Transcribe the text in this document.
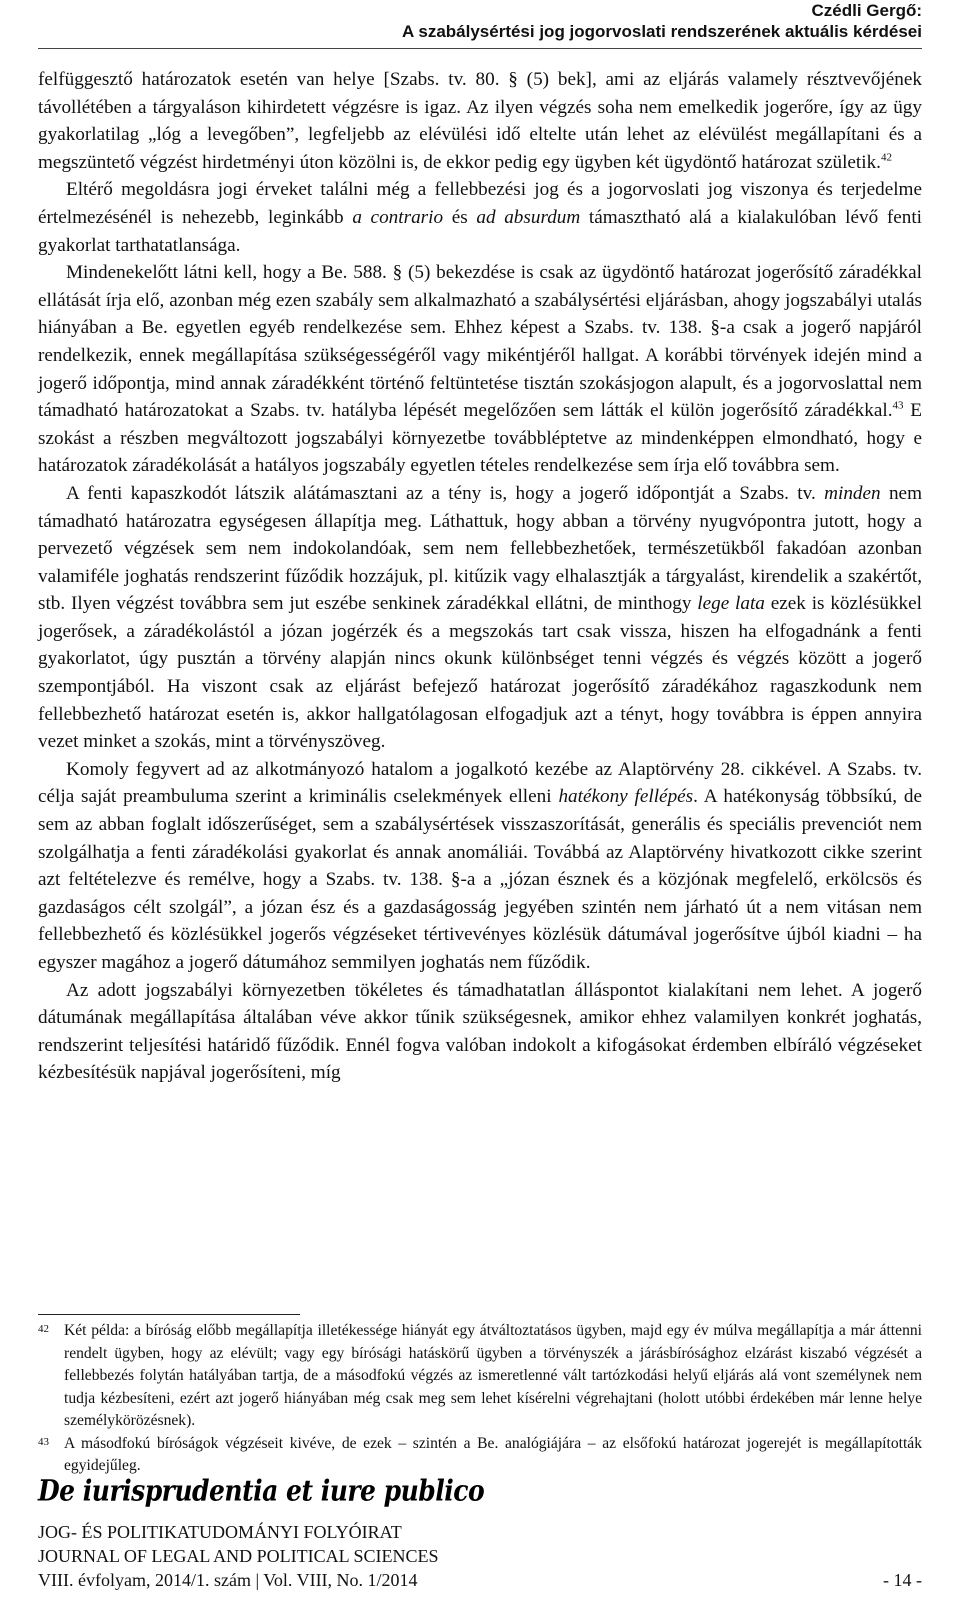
Czédli Gergő:
A szabálysértési jog jogorvoslati rendszerének aktuális kérdései

felfüggesztő határozatok esetén van helye [Szabs. tv. 80. § (5) bek], ami az eljárás valamely résztvevőjének távollétében a tárgyaláson kihirdetett végzésre is igaz. Az ilyen végzés soha nem emelkedik jogerőre, így az ügy gyakorlatilag „lóg a levegőben”, legfeljebb az elévülési idő eltelte után lehet az elévülést megállapítani és a megszüntető végzést hirdetményi úton közölni is, de ekkor pedig egy ügyben két ügydöntő határozat születik.$^{42}$

Eltérő megoldásra jogi érveket találni még a fellebbezési jog és a jogorvoslati jog viszonya és terjedelme értelmezésénél is nehezebb, leginkább a contrario és ad absurdum támasztható alá a kialakulóban lévő fenti gyakorlat tarthatatlansága.

Mindenekelőtt látni kell, hogy a Be. 588. § (5) bekezdése is csak az ügydöntő határozat jogerősítő záradékkal ellátását írja elő, azonban még ezen szabály sem alkalmazható a szabálysértési eljárásban, ahogy jogszabályi utalás hiányában a Be. egyetlen egyéb rendelkezése sem. Ehhez képest a Szabs. tv. 138. §-a csak a jogerő napjáról rendelkezik, ennek megállapítása szükségességéről vagy mikéntjéről hallgat. A korábbi törvények idején mind a jogerő időpontja, mind annak záradékként történő feltüntetése tisztán szokásjogon alapult, és a jogorvoslattal nem támadható határozatokat a Szabs. tv. hatályba lépését megelőzően sem látták el külön jogerősítő záradékkal.$^{43}$ E szokást a részben megváltozott jogszabályi környezetbe továbbléptetve az mindenképpen elmondható, hogy e határozatok záradékolását a hatályos jogszabály egyetlen tételes rendelkezése sem írja elő továbbra sem.

A fenti kapaszkodót látszik alátámasztani az a tény is, hogy a jogerő időpontját a Szabs. tv. minden nem támadható határozatra egységesen állapítja meg. Láthattuk, hogy abban a törvény nyugvópontra jutott, hogy a pervezető végzések sem nem indokolandóak, sem nem fellebbezhetőek, természetükből fakadóan azonban valamiféle joghatás rendszerint fűződik hozzájuk, pl. kitűzik vagy elhalasztják a tárgyalást, kirendelik a szakértőt, stb. Ilyen végzést továbbra sem jut eszébe senkinek záradékkal ellátni, de minthogy lege lata ezek is közlésükkel jogerősek, a záradékolástól a józan jogérzék és a megszokás tart csak vissza, hiszen ha elfogadnánk a fenti gyakorlatot, úgy pusztán a törvény alapján nincs okunk különbséget tenni végzés és végzés között a jogerő szempontjából. Ha viszont csak az eljárást befejező határozat jogerősítő záradékához ragaszkodunk nem fellebbezhető határozat esetén is, akkor hallgatólagosan elfogadjuk azt a tényt, hogy továbbra is éppen annyira vezet minket a szokás, mint a törvényszöveg.

Komoly fegyvert ad az alkotmányozó hatalom a jogalkotó kezébe az Alaptörvény 28. cikkével. A Szabs. tv. célja saját preambuluma szerint a kriminális cselekmények elleni hatékony fellépés. A hatékonyság többsíkú, de sem az abban foglalt időszerűséget, sem a szabálysértések visszaszorítását, generális és speciális prevenciót nem szolgálhatja a fenti záradékolási gyakorlat és annak anomáliái. Továbbá az Alaptörvény hivatkozott cikke szerint azt feltételezve és remélve, hogy a Szabs. tv. 138. §-a a „józan észnek és a közjónak megfelelő, erkölcsös és gazdaságos célt szolgál”, a józan ész és a gazdaságosság jegyében szintén nem járható út a nem vitásan nem fellebbezhető és közlésükkel jogerős végzéseket tértivevényes közlésük dátumával jogerősítve újból kiadni – ha egyszer magához a jogerő dátumához semmilyen joghatás nem fűződik.

Az adott jogszabályi környezetben tökéletes és támadhatatlan álláspontot kialakítani nem lehet. A jogerő dátumának megállapítása általában véve akkor tűnik szükségesnek, amikor ehhez valamilyen konkrét joghatás, rendszerint teljesítési határidő fűződik. Ennél fogva valóban indokolt a kifogásokat érdemben elbíráló végzéseket kézbesítésük napjával jogerősíteni, míg

42 Két példa: a bíróság előbb megállapítja illetékessége hiányát egy átváltoztatásos ügyben, majd egy év múlva megállapítja a már áttenni rendelt ügyben, hogy az elévült; vagy egy bírósági hatáskörű ügyben a törvényszék a járásbírósághoz elzárást kiszabó végzését a fellebbezés folytán hatályában tartja, de a másodfokú végzés az ismeretlenné vált tartózkodási helyű eljárás alá vont személynek nem tudja kézbesíteni, ezért azt jogerő hiányában még csak meg sem lehet kísérelni végrehajtani (holott utóbbi érdekében már lenne helye személykörözésnek).
43 A másodfokú bíróságok végzéseit kivéve, de ezek – szintén a Be. analógiájára – az elsőfokú határozat jogerejét is megállapították egyidejűleg.
De iurisprudentia et iure publico
JOG- ÉS POLITIKATUDOMÁNYI FOLYÓIRAT
JOURNAL OF LEGAL AND POLITICAL SCIENCES
VIII. évfolyam, 2014/1. szám | Vol. VIII, No. 1/2014	- 14 -
